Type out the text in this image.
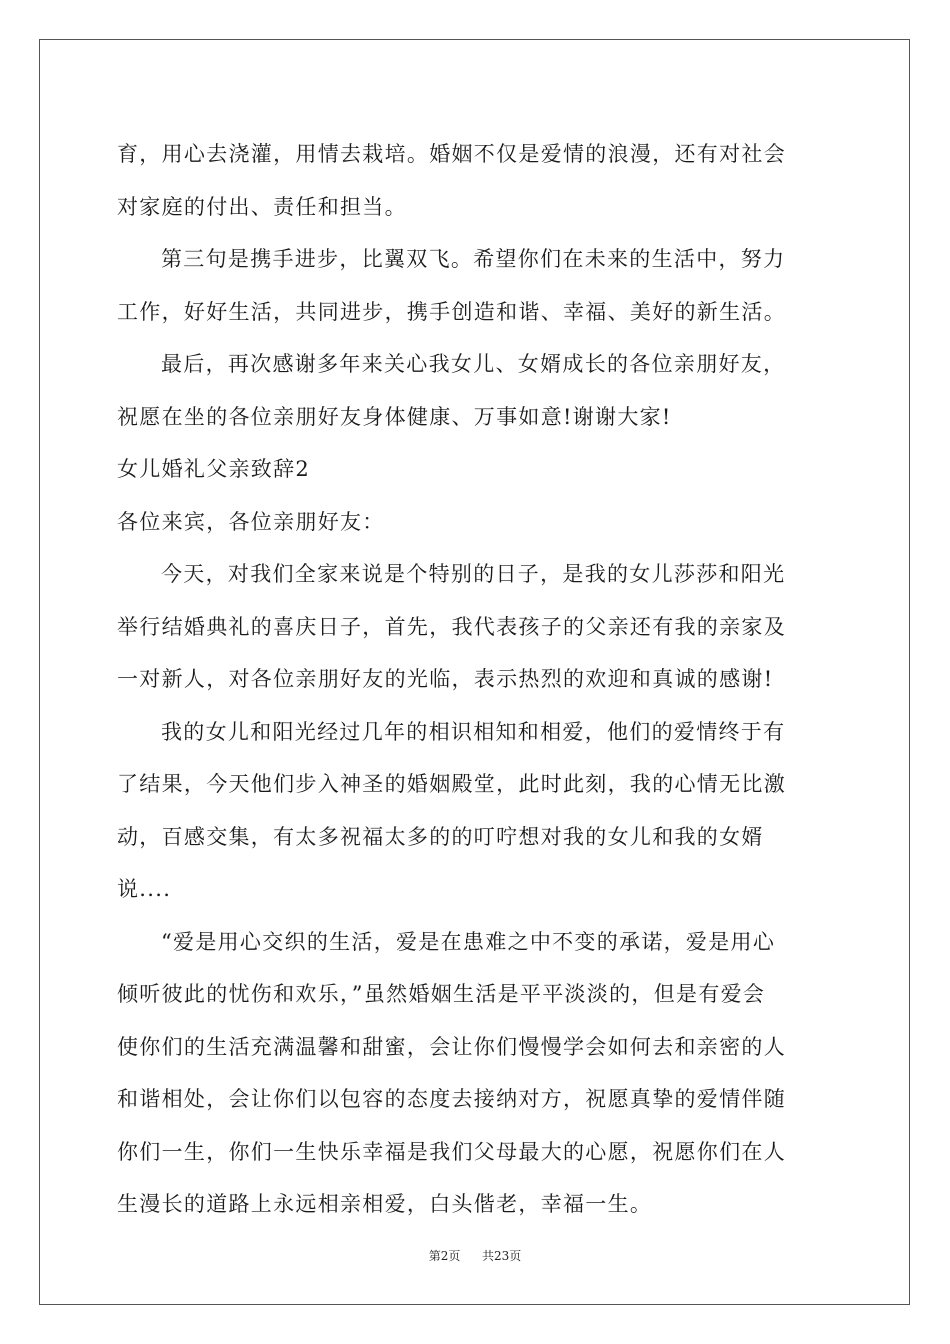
育，用心去浇灌，用情去栽培。婚姻不仅是爱情的浪漫，还有对社会
对家庭的付出、责任和担当。
第三句是携手进步，比翼双飞。希望你们在未来的生活中，努力
工作，好好生活，共同进步，携手创造和谐、幸福、美好的新生活。
最后，再次感谢多年来关心我女儿、女婿成长的各位亲朋好友，
祝愿在坐的各位亲朋好友身体健康、万事如意!谢谢大家!
女儿婚礼父亲致辞2
各位来宾，各位亲朋好友：
今天，对我们全家来说是个特别的日子，是我的女儿莎莎和阳光
举行结婚典礼的喜庆日子，首先，我代表孩子的父亲还有我的亲家及
一对新人，对各位亲朋好友的光临，表示热烈的欢迎和真诚的感谢!
我的女儿和阳光经过几年的相识相知和相爱，他们的爱情终于有
了结果，今天他们步入神圣的婚姻殿堂，此时此刻，我的心情无比激
动，百感交集，有太多祝福太多的的叮咛想对我的女儿和我的女婿
说....
“爱是用心交织的生活，爱是在患难之中不变的承诺，爱是用心
倾听彼此的忧伤和欢乐，”虽然婚姻生活是平平淡淡的，但是有爱会
使你们的生活充满温馨和甜蜜，会让你们慢慢学会如何去和亲密的人
和谐相处，会让你们以包容的态度去接纳对方，祝愿真挚的爱情伴随
你们一生，你们一生快乐幸福是我们父母最大的心愿，祝愿你们在人
生漫长的道路上永远相亲相爱，白头偕老，幸福一生。
第2页 共23页
